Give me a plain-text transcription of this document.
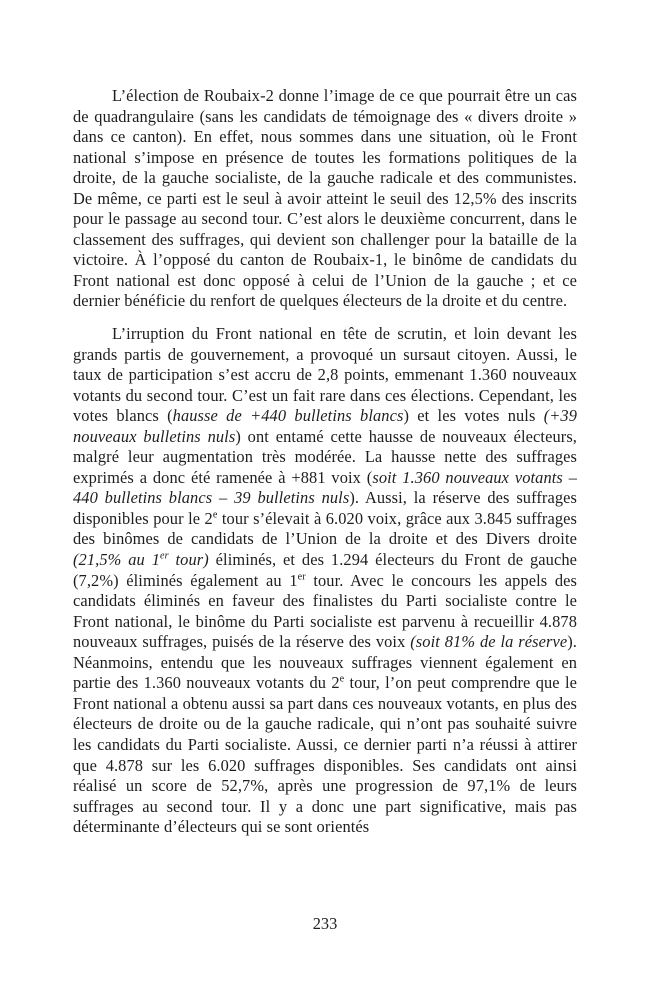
L’élection de Roubaix-2 donne l’image de ce que pourrait être un cas de quadrangulaire (sans les candidats de témoignage des « divers droite » dans ce canton). En effet, nous sommes dans une situation, où le Front national s’impose en présence de toutes les formations politiques de la droite, de la gauche socialiste, de la gauche radicale et des communistes. De même, ce parti est le seul à avoir atteint le seuil des 12,5% des inscrits pour le passage au second tour. C’est alors le deuxième concurrent, dans le classement des suffrages, qui devient son challenger pour la bataille de la victoire. À l’opposé du canton de Roubaix-1, le binôme de candidats du Front national est donc opposé à celui de l’Union de la gauche ; et ce dernier bénéficie du renfort de quelques électeurs de la droite et du centre.

L’irruption du Front national en tête de scrutin, et loin devant les grands partis de gouvernement, a provoqué un sursaut citoyen. Aussi, le taux de participation s’est accru de 2,8 points, emmenant 1.360 nouveaux votants du second tour. C’est un fait rare dans ces élections. Cependant, les votes blancs (hausse de +440 bulletins blancs) et les votes nuls (+39 nouveaux bulletins nuls) ont entamé cette hausse de nouveaux électeurs, malgré leur augmentation très modérée. La hausse nette des suffrages exprimés a donc été ramenée à +881 voix (soit 1.360 nouveaux votants – 440 bulletins blancs – 39 bulletins nuls). Aussi, la réserve des suffrages disponibles pour le 2e tour s’élevait à 6.020 voix, grâce aux 3.845 suffrages des binômes de candidats de l’Union de la droite et des Divers droite (21,5% au 1er tour) éliminés, et des 1.294 électeurs du Front de gauche (7,2%) éliminés également au 1er tour. Avec le concours les appels des candidats éliminés en faveur des finalistes du Parti socialiste contre le Front national, le binôme du Parti socialiste est parvenu à recueillir 4.878 nouveaux suffrages, puisés de la réserve des voix (soit 81% de la réserve). Néanmoins, entendu que les nouveaux suffrages viennent également en partie des 1.360 nouveaux votants du 2e tour, l’on peut comprendre que le Front national a obtenu aussi sa part dans ces nouveaux votants, en plus des électeurs de droite ou de la gauche radicale, qui n’ont pas souhaité suivre les candidats du Parti socialiste. Aussi, ce dernier parti n’a réussi à attirer que 4.878 sur les 6.020 suffrages disponibles. Ses candidats ont ainsi réalisé un score de 52,7%, après une progression de 97,1% de leurs suffrages au second tour. Il y a donc une part significative, mais pas déterminante d’électeurs qui se sont orientés

233
